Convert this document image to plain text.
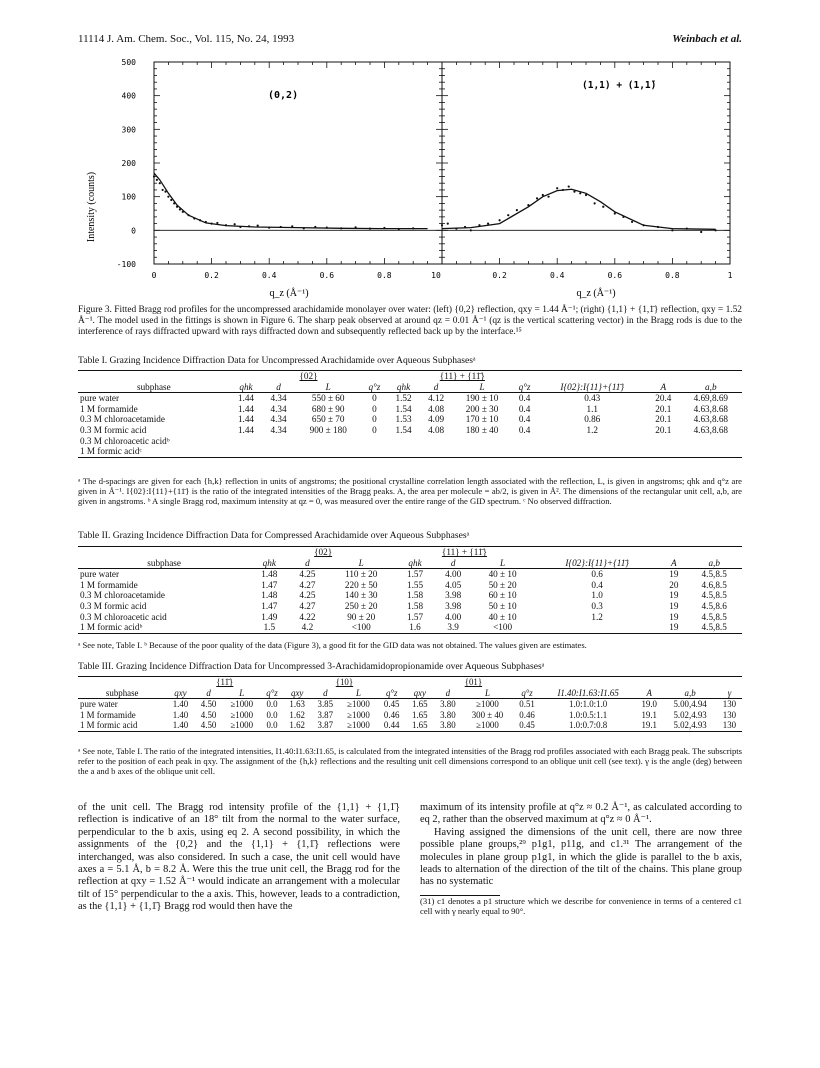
11114 J. Am. Chem. Soc., Vol. 115, No. 24, 1993	Weinbach et al.
500
400
300
200
100
0
-100
0	0.2	0.4	0.6	0.8	10	0.2	0.4	0.6	0.8	1
(0,2)
(1,1) + (1,1̄)
Intensity (counts)
q_z (Å⁻¹)	q_z (Å⁻¹)
Figure 3. Fitted Bragg rod profiles for the uncompressed arachidamide monolayer over water: (left) {0,2} reflection, qxy = 1.44 Å⁻¹; (right) {1,1} + {1,1̄} reflection, qxy = 1.52 Å⁻¹. The model used in the fittings is shown in Figure 6. The sharp peak observed at around qz = 0.01 Å⁻¹ (qz is the vertical scattering vector) in the Bragg rods is due to the interference of rays diffracted upward with rays diffracted down and subsequently reflected back up by the interface.¹⁵
Table I. Grazing Incidence Diffraction Data for Uncompressed Arachidamide over Aqueous Subphasesᵃ
	{02}				{11} + {11̄}						
subphase	qhk	d	L	q°z	qhk	d	L	q°z	I{02}:I{11}+{11̄}	A	a,b
pure water	1.44	4.34	550 ± 60	0	1.52	4.12	190 ± 10	0.4	0.43	20.4	4.69,8.69
1 M formamide	1.44	4.34	680 ± 90	0	1.54	4.08	200 ± 30	0.4	1.1	20.1	4.63,8.68
0.3 M chloroacetamide	1.44	4.34	650 ± 70	0	1.53	4.09	170 ± 10	0.4	0.86	20.1	4.63,8.68
0.3 M formic acid	1.44	4.34	900 ± 180	0	1.54	4.08	180 ± 40	0.4	1.2	20.1	4.63,8.68
0.3 M chloroacetic acidᵇ											
1 M formic acidᶜ											
ᵃ The d-spacings are given for each {h,k} reflection in units of angstroms; the positional crystalline correlation length associated with the reflection, L, is given in angstroms; qhk and q°z are given in Å⁻¹. I{02}:I{11}+{11̄} is the ratio of the integrated intensities of the Bragg peaks. A, the area per molecule = ab/2, is given in Å². The dimensions of the rectangular unit cell, a,b, are given in angstroms. ᵇ A single Bragg rod, maximum intensity at qz = 0, was measured over the entire range of the GID spectrum. ᶜ No observed diffraction.
Table II. Grazing Incidence Diffraction Data for Compressed Arachidamide over Aqueous Subphasesᵃ
	{02}			{11} + {11̄}					
subphase	qhk	d	L	qhk	d	L	I{02}:I{11}+{11̄}	A	a,b
pure water	1.48	4.25	110 ± 20	1.57	4.00	40 ± 10	0.6	19	4.5,8.5
1 M formamide	1.47	4.27	220 ± 50	1.55	4.05	50 ± 20	0.4	20	4.6,8.5
0.3 M chloroacetamide	1.48	4.25	140 ± 30	1.58	3.98	60 ± 10	1.0	19	4.5,8.5
0.3 M formic acid	1.47	4.27	250 ± 20	1.58	3.98	50 ± 10	0.3	19	4.5,8.6
0.3 M chloroacetic acid	1.49	4.22	90 ± 20	1.57	4.00	40 ± 10	1.2	19	4.5,8.5
1 M formic acidᵇ	1.5	4.2	<100	1.6	3.9	<100		19	4.5,8.5
ᵃ See note, Table I. ᵇ Because of the poor quality of the data (Figure 3), a good fit for the GID data was not obtained. The values given are estimates.
Table III. Grazing Incidence Diffraction Data for Uncompressed 3-Arachidamidopropionamide over Aqueous Subphasesᵃ
	{11̄}				{10}				{01}							
subphase	qxy	d	L	q°z	qxy	d	L	q°z	qxy	d	L	q°z	I1.40:I1.63:I1.65	A	a,b	γ
pure water	1.40	4.50	≥1000	0.0	1.63	3.85	≥1000	0.45	1.65	3.80	≥1000	0.51	1.0:1.0:1.0	19.0	5.00,4.94	130
1 M formamide	1.40	4.50	≥1000	0.0	1.62	3.87	≥1000	0.46	1.65	3.80	300 ± 40	0.46	1.0:0.5:1.1	19.1	5.02,4.93	130
1 M formic acid	1.40	4.50	≥1000	0.0	1.62	3.87	≥1000	0.44	1.65	3.80	≥1000	0.45	1.0:0.7:0.8	19.1	5.02,4.93	130
ᵃ See note, Table I. The ratio of the integrated intensities, I1.40:I1.63:I1.65, is calculated from the integrated intensities of the Bragg rod profiles associated with each Bragg peak. The subscripts refer to the position of each peak in qxy. The assignment of the {h,k} reflections and the resulting unit cell dimensions correspond to an oblique unit cell (see text). γ is the angle (deg) between the a and b axes of the oblique unit cell.

of the unit cell. The Bragg rod intensity profile of the {1,1} + {1,1̄} reflection is indicative of an 18° tilt from the normal to the water surface, perpendicular to the b axis, using eq 2. A second possibility, in which the assignments of the {0,2} and the {1,1} + {1,1̄} reflections were interchanged, was also considered. In such a case, the unit cell would have axes a = 5.1 Å, b = 8.2 Å. Were this the true unit cell, the Bragg rod for the reflection at qxy = 1.52 Å⁻¹ would indicate an arrangement with a molecular tilt of 15° perpendicular to the a axis. This, however, leads to a contradiction, as the {1,1} + {1,1̄} Bragg rod would then have the

maximum of its intensity profile at q°z ≈ 0.2 Å⁻¹, as calculated according to eq 2, rather than the observed maximum at q°z ≈ 0 Å⁻¹.

Having assigned the dimensions of the unit cell, there are now three possible plane groups,²⁹ p1g1, p11g, and c1.³¹ The arrangement of the molecules in plane group p1g1, in which the glide is parallel to the b axis, leads to alternation of the direction of the tilt of the chains. This plane group has no systematic

(31) c1 denotes a p1 structure which we describe for convenience in terms of a centered c1 cell with γ nearly equal to 90°.
